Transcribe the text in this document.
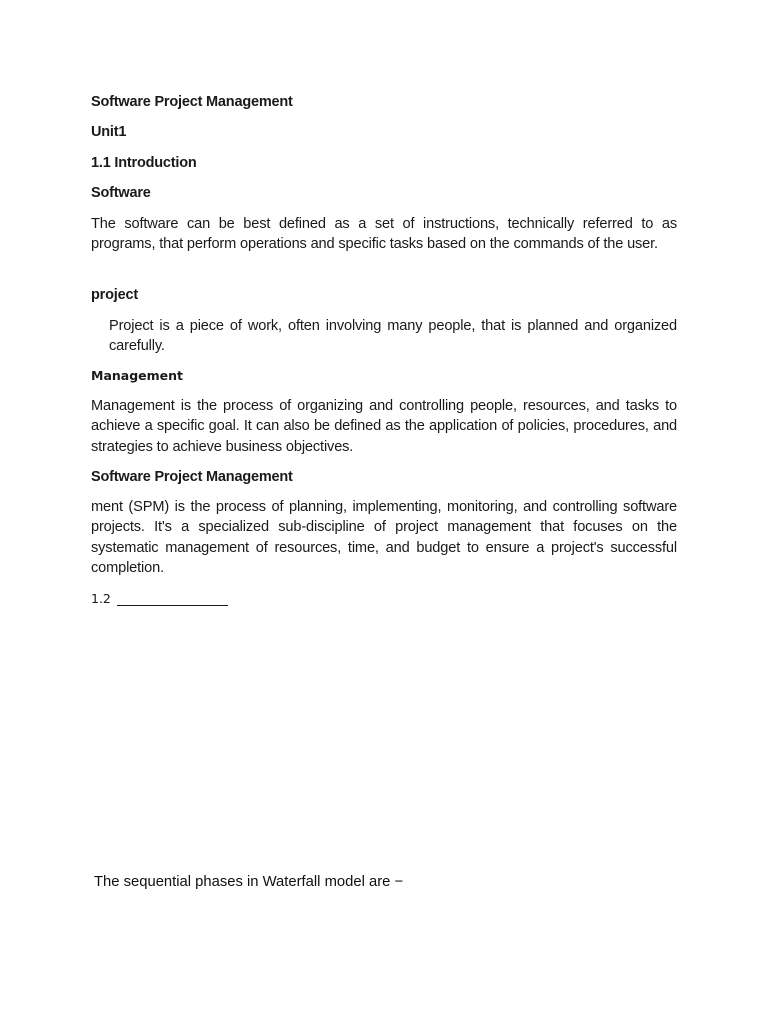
Software Project Management
Unit1
1.1 Introduction
Software

The software can be best defined as a set of instructions, technically referred to as programs, that perform operations and specific tasks based on the commands of the user.

project

Project is a piece of work, often involving many people, that is planned and organized carefully.

Management

Management is the process of organizing and controlling people, resources, and tasks to achieve a specific goal. It can also be defined as the application of policies, procedures, and strategies to achieve business objectives.

Software Project Management

ment (SPM) is the process of planning, implementing, monitoring, and controlling software projects. It's a specialized sub-discipline of project management that focuses on the systematic management of resources, time, and budget to ensure a project's successful completion.

1.2
The sequential phases in Waterfall model are −
